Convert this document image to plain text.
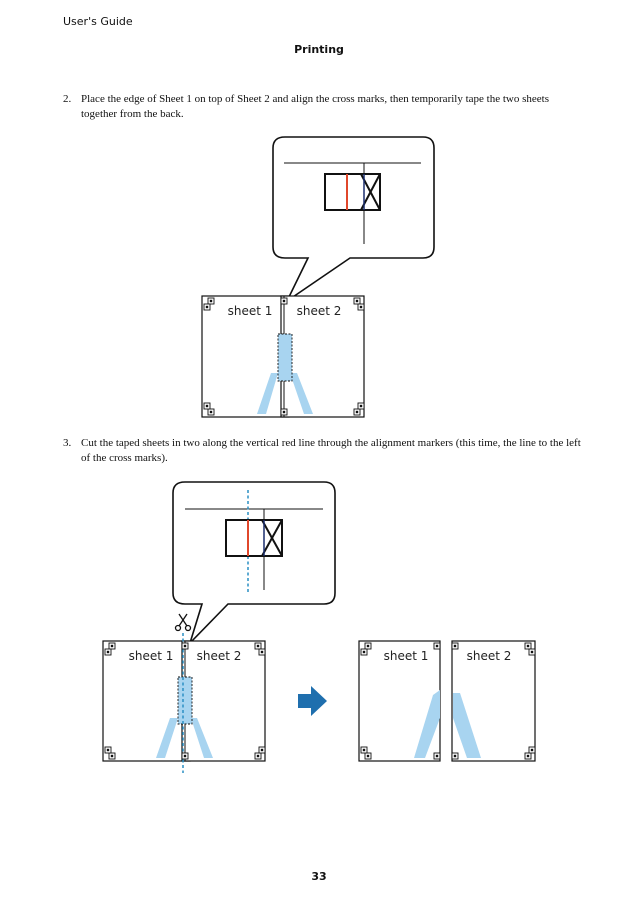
User's Guide
Printing
2. Place the edge of Sheet 1 on top of Sheet 2 and align the cross marks, then temporarily tape the two sheets together from the back.
3. Cut the taped sheets in two along the vertical red line through the alignment markers (this time, the line to the left of the cross marks).
sheet 1 sheet 2
sheet 1 sheet 2	sheet 1	sheet 2
33
